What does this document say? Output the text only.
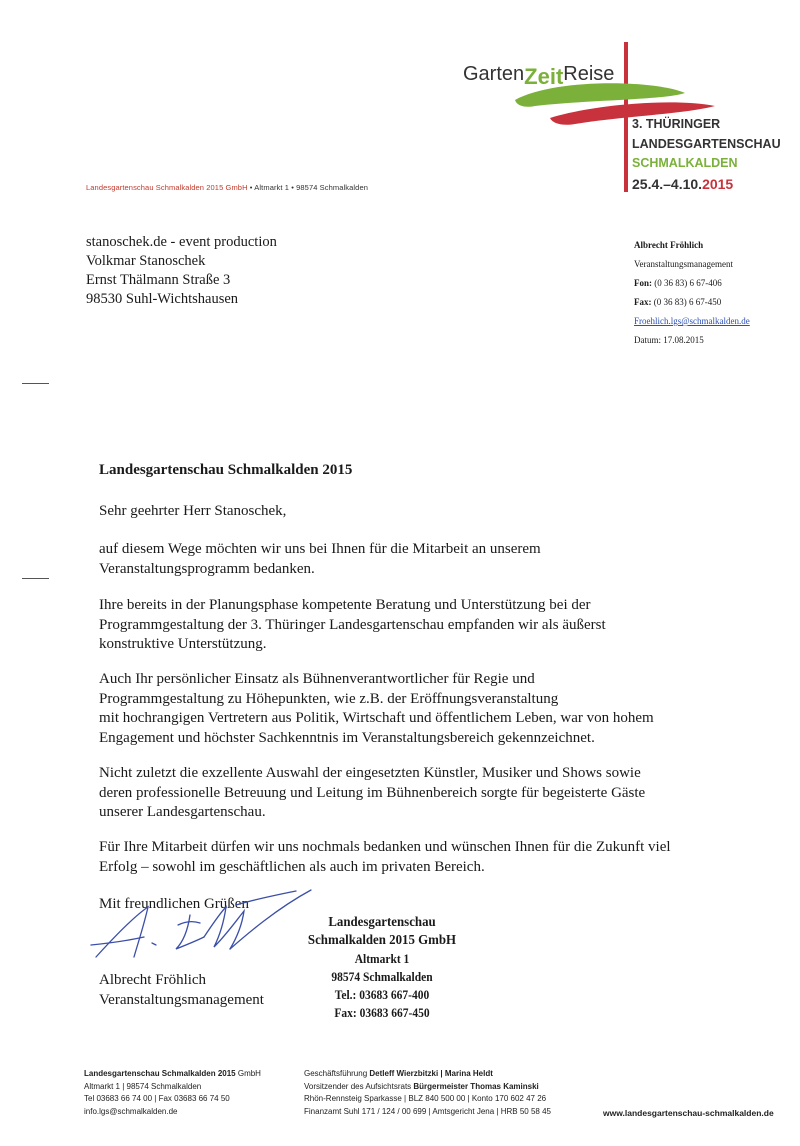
GartenZeitReise
3. THÜRINGER
LANDESGARTENSCHAU
SCHMALKALDEN
25.4.–4.10.2015
Landesgartenschau Schmalkalden 2015 GmbH • Altmarkt 1 • 98574 Schmalkalden
stanoschek.de - event production
Volkmar Stanoschek
Ernst Thälmann Straße 3
98530 Suhl-Wichtshausen
Albrecht Fröhlich
Veranstaltungsmanagement
Fon: (0 36 83) 6 67-406
Fax: (0 36 83) 6 67-450
Froehlich.lgs@schmalkalden.de
Datum: 17.08.2015
Landesgartenschau Schmalkalden 2015
Sehr geehrter Herr Stanoschek,
auf diesem Wege möchten wir uns bei Ihnen für die Mitarbeit an unserem
Veranstaltungsprogramm bedanken.
Ihre bereits in der Planungsphase kompetente Beratung und Unterstützung bei der
Programmgestaltung der 3. Thüringer Landesgartenschau empfanden wir als äußerst
konstruktive Unterstützung.
Auch Ihr persönlicher Einsatz als Bühnenverantwortlicher für Regie und
Programmgestaltung zu Höhepunkten, wie z.B. der Eröffnungsveranstaltung
mit hochrangigen Vertretern aus Politik, Wirtschaft und öffentlichem Leben, war von hohem
Engagement und höchster Sachkenntnis im Veranstaltungsbereich gekennzeichnet.
Nicht zuletzt die exzellente Auswahl der eingesetzten Künstler, Musiker und Shows sowie
deren professionelle Betreuung und Leitung im Bühnenbereich sorgte für begeisterte Gäste
unserer Landesgartenschau.
Für Ihre Mitarbeit dürfen wir uns nochmals bedanken und wünschen Ihnen für die Zukunft viel
Erfolg – sowohl im geschäftlichen als auch im privaten Bereich.
Mit freundlichen Grüßen
Albrecht Fröhlich
Veranstaltungsmanagement
Landesgartenschau
Schmalkalden 2015 GmbH
Altmarkt 1
98574 Schmalkalden
Tel.: 03683 667-400
Fax: 03683 667-450
Landesgartenschau Schmalkalden 2015 GmbH
Altmarkt 1 | 98574 Schmalkalden
Tel 03683 66 74 00 | Fax 03683 66 74 50
info.lgs@schmalkalden.de
Geschäftsführung Detleff Wierzbitzki | Marina Heldt
Vorsitzender des Aufsichtsrats Bürgermeister Thomas Kaminski
Rhön-Rennsteig Sparkasse | BLZ 840 500 00 | Konto 170 602 47 26
Finanzamt Suhl 171 / 124 / 00 699 | Amtsgericht Jena | HRB 50 58 45	www.landesgartenschau-schmalkalden.de
